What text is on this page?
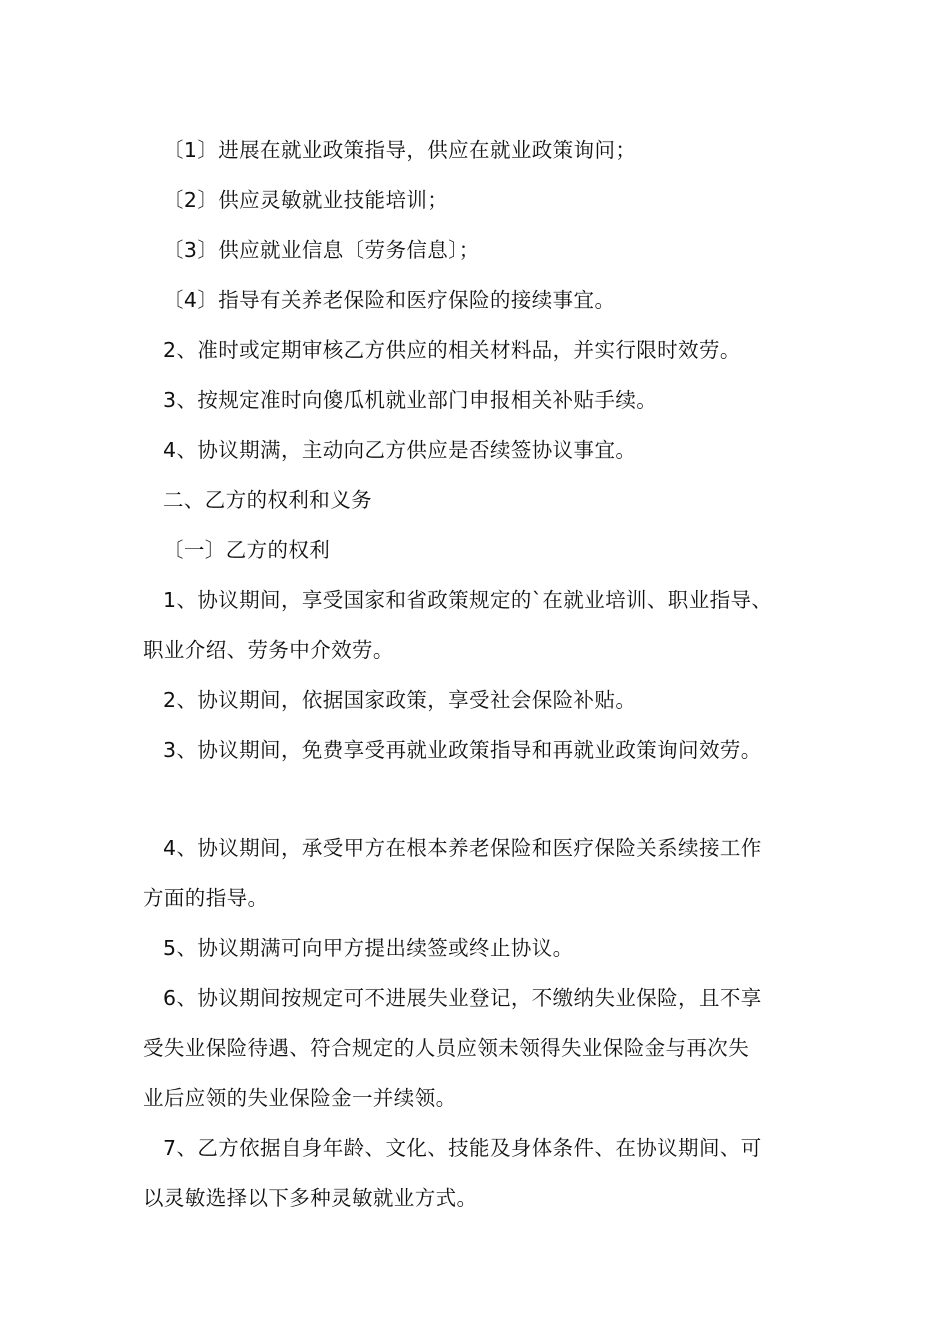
〔1〕进展在就业政策指导，供应在就业政策询问；
〔2〕供应灵敏就业技能培训；
〔3〕供应就业信息〔劳务信息〕；
〔4〕指导有关养老保险和医疗保险的接续事宜。
2、准时或定期审核乙方供应的相关材料品，并实行限时效劳。
3、按规定准时向傻瓜机就业部门申报相关补贴手续。
4、协议期满，主动向乙方供应是否续签协议事宜。
二、乙方的权利和义务
〔一〕乙方的权利
1、协议期间，享受国家和省政策规定的`在就业培训、职业指导、
职业介绍、劳务中介效劳。
2、协议期间，依据国家政策，享受社会保险补贴。
3、协议期间，免费享受再就业政策指导和再就业政策询问效劳。
4、协议期间，承受甲方在根本养老保险和医疗保险关系续接工作
方面的指导。
5、协议期满可向甲方提出续签或终止协议。
6、协议期间按规定可不进展失业登记，不缴纳失业保险，且不享
受失业保险待遇、符合规定的人员应领未领得失业保险金与再次失
业后应领的失业保险金一并续领。
7、乙方依据自身年龄、文化、技能及身体条件、在协议期间、可
以灵敏选择以下多种灵敏就业方式。
